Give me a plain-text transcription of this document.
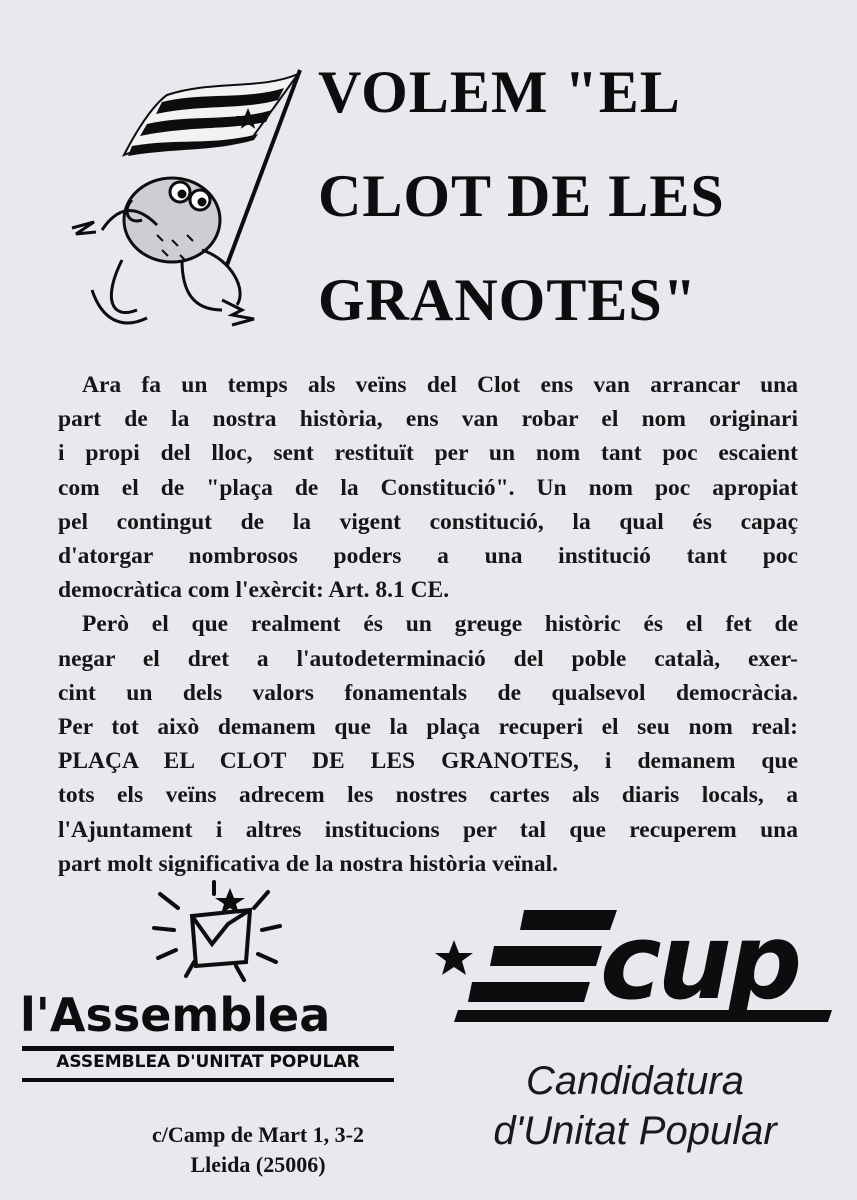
VOLEM "EL
CLOT DE LES
GRANOTES"

Ara fa un temps als veïns del Clot ens van arrancar una
part de la nostra història, ens van robar el nom originari
i propi del lloc, sent restituït per un nom tant poc escaient
com el de "plaça de la Constitució". Un nom poc apropiat
pel contingut de la vigent constitució, la qual és capaç
d'atorgar nombrosos poders a una institució tant poc
democràtica com l'exèrcit: Art. 8.1 CE.

Però el que realment és un greuge històric és el fet de
negar el dret a l'autodeterminació del poble català, exer-
cint un dels valors fonamentals de qualsevol democràcia.
Per tot això demanem que la plaça recuperi el seu nom real:
PLAÇA EL CLOT DE LES GRANOTES, i demanem que
tots els veïns adrecem les nostres cartes als diaris locals, a
l'Ajuntament i altres institucions per tal que recuperem una
part molt significativa de la nostra història veïnal.

l'Assemblea
ASSEMBLEA D'UNITAT POPULAR
c/Camp de Mart 1, 3-2
Lleida (25006)
cup
Candidatura
d'Unitat Popular
